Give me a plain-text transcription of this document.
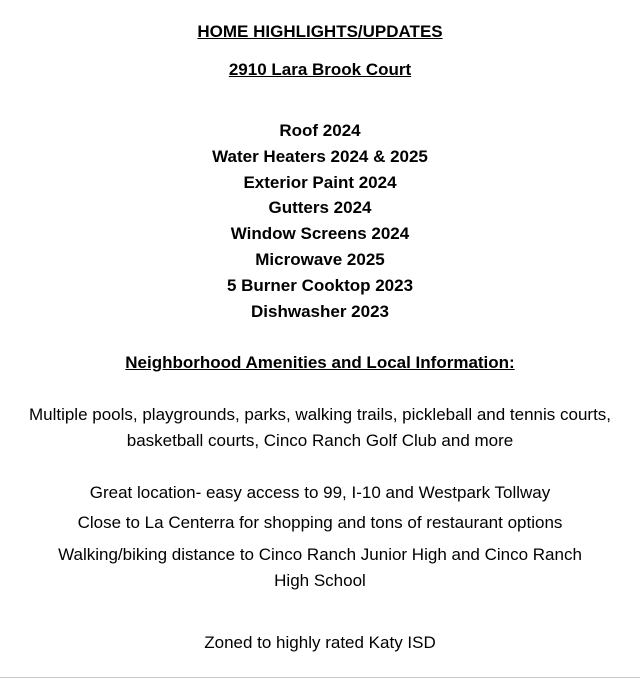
HOME HIGHLIGHTS/UPDATES
2910 Lara Brook Court
Roof 2024
Water Heaters 2024 & 2025
Exterior Paint 2024
Gutters 2024
Window Screens 2024
Microwave 2025
5 Burner Cooktop 2023
Dishwasher 2023
Neighborhood Amenities and Local Information:
Multiple pools, playgrounds, parks, walking trails, pickleball and tennis courts, basketball courts, Cinco Ranch Golf Club and more
Great location- easy access to 99, I-10 and Westpark Tollway
Close to La Centerra for shopping and tons of restaurant options
Walking/biking distance to Cinco Ranch Junior High and Cinco Ranch High School
Zoned to highly rated Katy ISD
